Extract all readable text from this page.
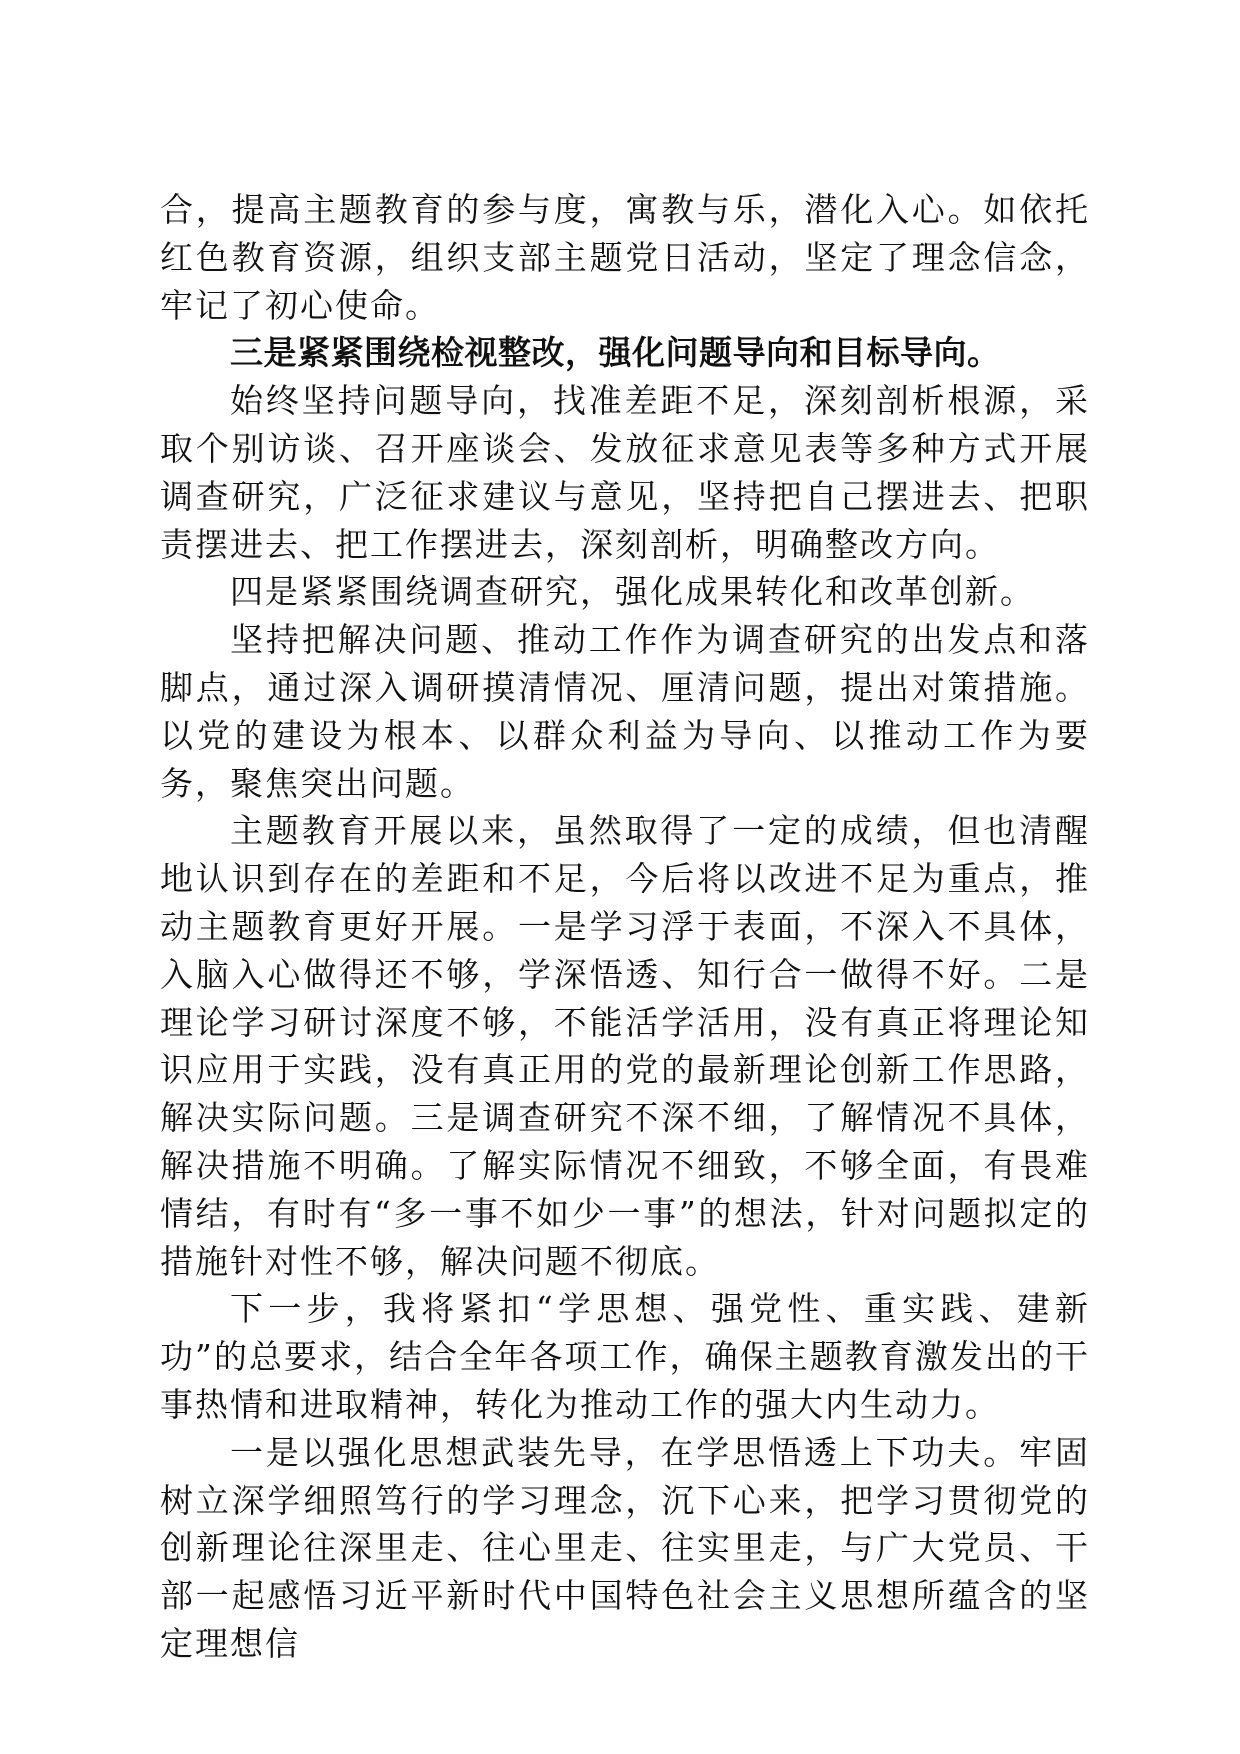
合，提高主题教育的参与度，寓教与乐，潜化入心。如依托红色教育资源，组织支部主题党日活动，坚定了理念信念，牢记了初心使命。

三是紧紧围绕检视整改，强化问题导向和目标导向。

始终坚持问题导向，找准差距不足，深刻剖析根源，采取个别访谈、召开座谈会、发放征求意见表等多种方式开展调查研究，广泛征求建议与意见，坚持把自己摆进去、把职责摆进去、把工作摆进去，深刻剖析，明确整改方向。

四是紧紧围绕调查研究，强化成果转化和改革创新。

坚持把解决问题、推动工作作为调查研究的出发点和落脚点，通过深入调研摸清情况、厘清问题，提出对策措施。以党的建设为根本、以群众利益为导向、以推动工作为要务，聚焦突出问题。

主题教育开展以来，虽然取得了一定的成绩，但也清醒地认识到存在的差距和不足，今后将以改进不足为重点，推动主题教育更好开展。一是学习浮于表面，不深入不具体，入脑入心做得还不够，学深悟透、知行合一做得不好。二是理论学习研讨深度不够，不能活学活用，没有真正将理论知识应用于实践，没有真正用的党的最新理论创新工作思路，解决实际问题。三是调查研究不深不细，了解情况不具体，解决措施不明确。了解实际情况不细致，不够全面，有畏难情结，有时有“多一事不如少一事”的想法，针对问题拟定的措施针对性不够，解决问题不彻底。

下一步，我将紧扣“学思想、强党性、重实践、建新功”的总要求，结合全年各项工作，确保主题教育激发出的干事热情和进取精神，转化为推动工作的强大内生动力。

一是以强化思想武装先导，在学思悟透上下功夫。牢固树立深学细照笃行的学习理念，沉下心来，把学习贯彻党的创新理论往深里走、往心里走、往实里走，与广大党员、干部一起感悟习近平新时代中国特色社会主义思想所蕴含的坚定理想信
